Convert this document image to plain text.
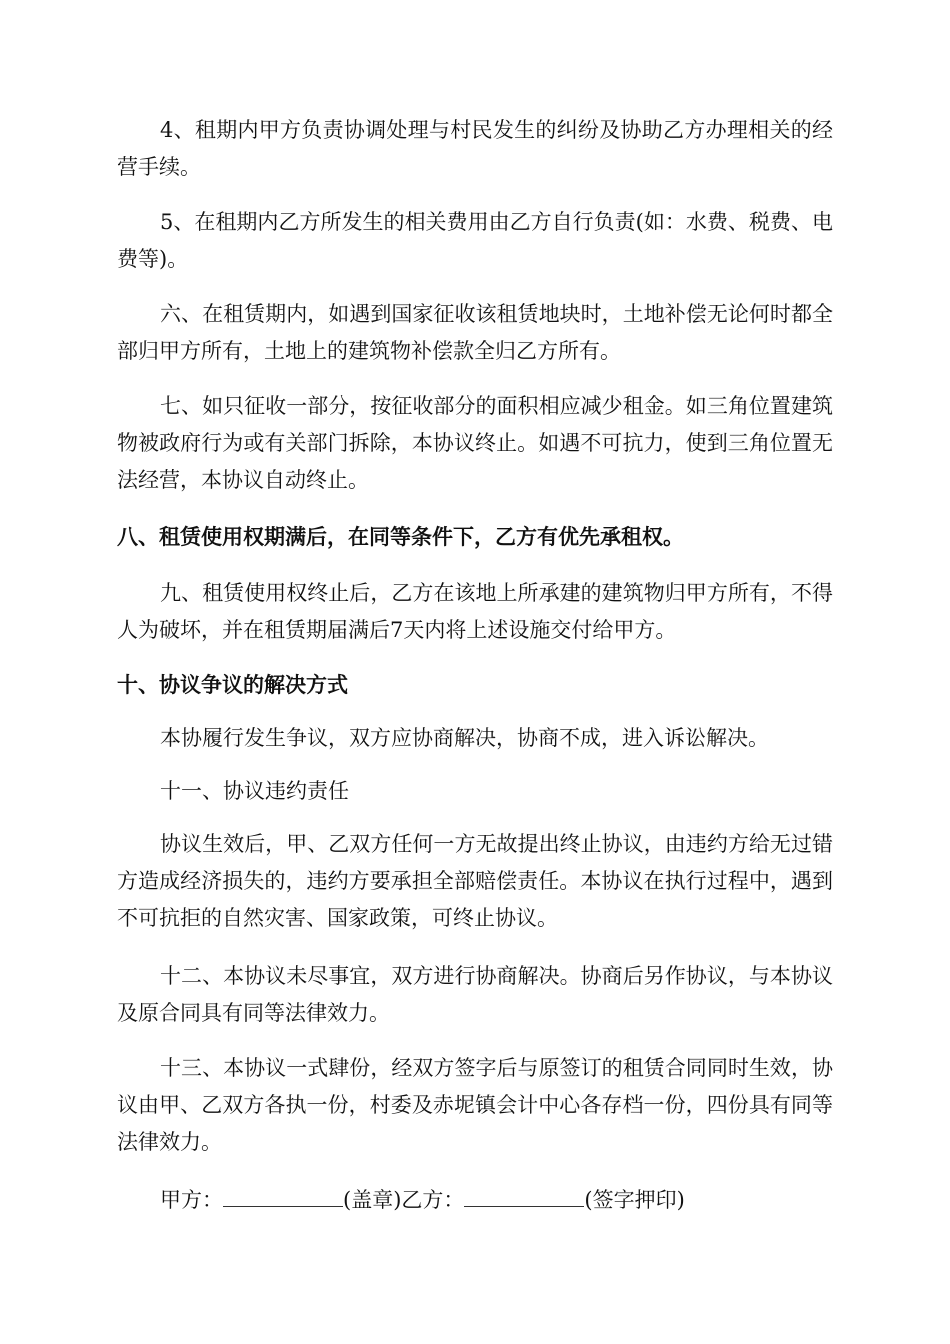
4、租期内甲方负责协调处理与村民发生的纠纷及协助乙方办理相关的经营手续。

5、在租期内乙方所发生的相关费用由乙方自行负责(如：水费、税费、电费等)。

六、在租赁期内，如遇到国家征收该租赁地块时，土地补偿无论何时都全部归甲方所有，土地上的建筑物补偿款全归乙方所有。

七、如只征收一部分，按征收部分的面积相应减少租金。如三角位置建筑物被政府行为或有关部门拆除，本协议终止。如遇不可抗力，使到三角位置无法经营，本协议自动终止。

八、租赁使用权期满后，在同等条件下，乙方有优先承租权。

九、租赁使用权终止后，乙方在该地上所承建的建筑物归甲方所有，不得人为破坏，并在租赁期届满后7天内将上述设施交付给甲方。

十、协议争议的解决方式

本协履行发生争议，双方应协商解决，协商不成，进入诉讼解决。

十一、协议违约责任

协议生效后，甲、乙双方任何一方无故提出终止协议，由违约方给无过错方造成经济损失的，违约方要承担全部赔偿责任。本协议在执行过程中，遇到不可抗拒的自然灾害、国家政策，可终止协议。

十二、本协议未尽事宜，双方进行协商解决。协商后另作协议，与本协议及原合同具有同等法律效力。

十三、本协议一式肆份，经双方签字后与原签订的租赁合同同时生效，协议由甲、乙双方各执一份，村委及赤坭镇会计中心各存档一份，四份具有同等法律效力。

甲方：	(盖章)乙方：	(签字押印)
